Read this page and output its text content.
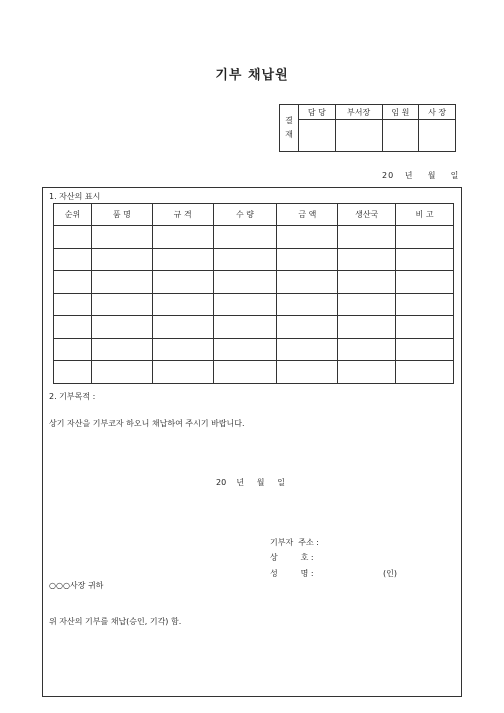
기부 채납원
결
재	담 당	부서장	임 원	사 장

20   년    월    일
1. 자산의 표시
순위	품 명	규 격	수 량	금 액	생산국	비 고

2. 기부목적 :
상기 자산을 기부코자 하오니 채납하여 주시기 바랍니다.
20    년     월     일
기부자  주소 :
상         호 :
성         명 :	(인)
○○○사장 귀하
위 자산의 기부를 채납(승인, 기각) 함.
